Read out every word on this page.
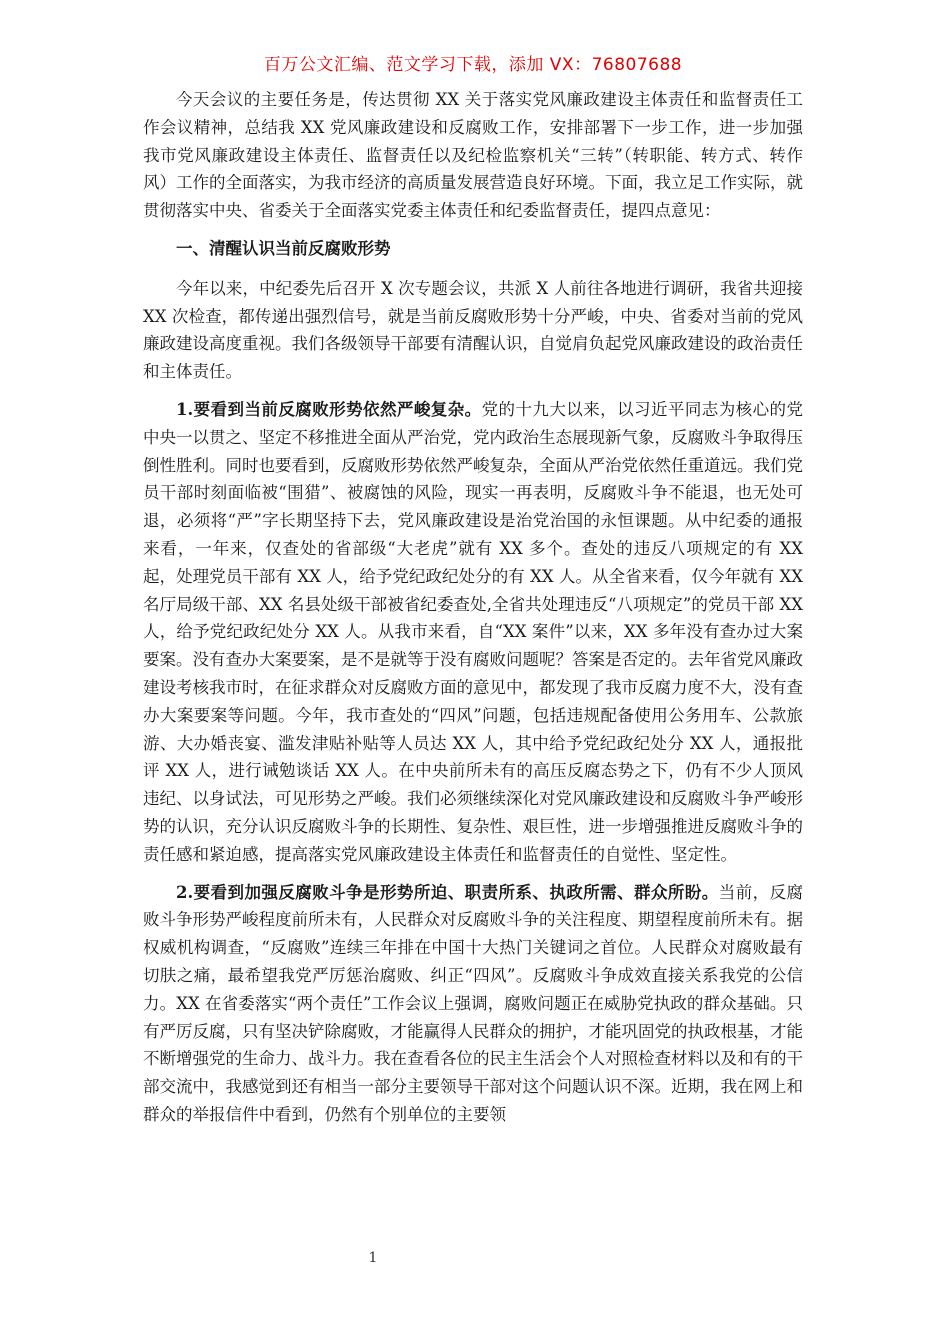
百万公文汇编、范文学习下载，添加 VX：76807688

今天会议的主要任务是，传达贯彻 XX 关于落实党风廉政建设主体责任和监督责任工作会议精神，总结我 XX 党风廉政建设和反腐败工作，安排部署下一步工作，进一步加强我市党风廉政建设主体责任、监督责任以及纪检监察机关“三转”（转职能、转方式、转作风）工作的全面落实，为我市经济的高质量发展营造良好环境。下面，我立足工作实际，就贯彻落实中央、省委关于全面落实党委主体责任和纪委监督责任，提四点意见：

一、清醒认识当前反腐败形势

今年以来，中纪委先后召开 X 次专题会议，共派 X 人前往各地进行调研，我省共迎接 XX 次检查，都传递出强烈信号，就是当前反腐败形势十分严峻，中央、省委对当前的党风廉政建设高度重视。我们各级领导干部要有清醒认识，自觉肩负起党风廉政建设的政治责任和主体责任。

1.要看到当前反腐败形势依然严峻复杂。党的十九大以来，以习近平同志为核心的党中央一以贯之、坚定不移推进全面从严治党，党内政治生态展现新气象，反腐败斗争取得压倒性胜利。同时也要看到，反腐败形势依然严峻复杂，全面从严治党依然任重道远。我们党员干部时刻面临被“围猎”、被腐蚀的风险，现实一再表明，反腐败斗争不能退，也无处可退，必须将“严”字长期坚持下去，党风廉政建设是治党治国的永恒课题。从中纪委的通报来看，一年来，仅查处的省部级“大老虎”就有 XX 多个。查处的违反八项规定的有 XX 起，处理党员干部有 XX 人，给予党纪政纪处分的有 XX 人。从全省来看，仅今年就有 XX 名厅局级干部、XX 名县处级干部被省纪委查处,全省共处理违反“八项规定”的党员干部 XX 人，给予党纪政纪处分 XX 人。从我市来看，自“XX 案件”以来，XX 多年没有查办过大案要案。没有查办大案要案，是不是就等于没有腐败问题呢？答案是否定的。去年省党风廉政建设考核我市时，在征求群众对反腐败方面的意见中，都发现了我市反腐力度不大，没有查办大案要案等问题。今年，我市查处的“四风”问题，包括违规配备使用公务用车、公款旅游、大办婚丧宴、滥发津贴补贴等人员达 XX 人，其中给予党纪政纪处分 XX 人，通报批评 XX 人，进行诫勉谈话 XX 人。在中央前所未有的高压反腐态势之下，仍有不少人顶风违纪、以身试法，可见形势之严峻。我们必须继续深化对党风廉政建设和反腐败斗争严峻形势的认识，充分认识反腐败斗争的长期性、复杂性、艰巨性，进一步增强推进反腐败斗争的责任感和紧迫感，提高落实党风廉政建设主体责任和监督责任的自觉性、坚定性。

2.要看到加强反腐败斗争是形势所迫、职责所系、执政所需、群众所盼。当前，反腐败斗争形势严峻程度前所未有，人民群众对反腐败斗争的关注程度、期望程度前所未有。据权威机构调查，“反腐败”连续三年排在中国十大热门关键词之首位。人民群众对腐败最有切肤之痛，最希望我党严厉惩治腐败、纠正“四风”。反腐败斗争成效直接关系我党的公信力。XX 在省委落实“两个责任”工作会议上强调，腐败问题正在威胁党执政的群众基础。只有严厉反腐，只有坚决铲除腐败，才能赢得人民群众的拥护，才能巩固党的执政根基，才能不断增强党的生命力、战斗力。我在查看各位的民主生活会个人对照检查材料以及和有的干部交流中，我感觉到还有相当一部分主要领导干部对这个问题认识不深。近期，我在网上和群众的举报信件中看到，仍然有个别单位的主要领

1
